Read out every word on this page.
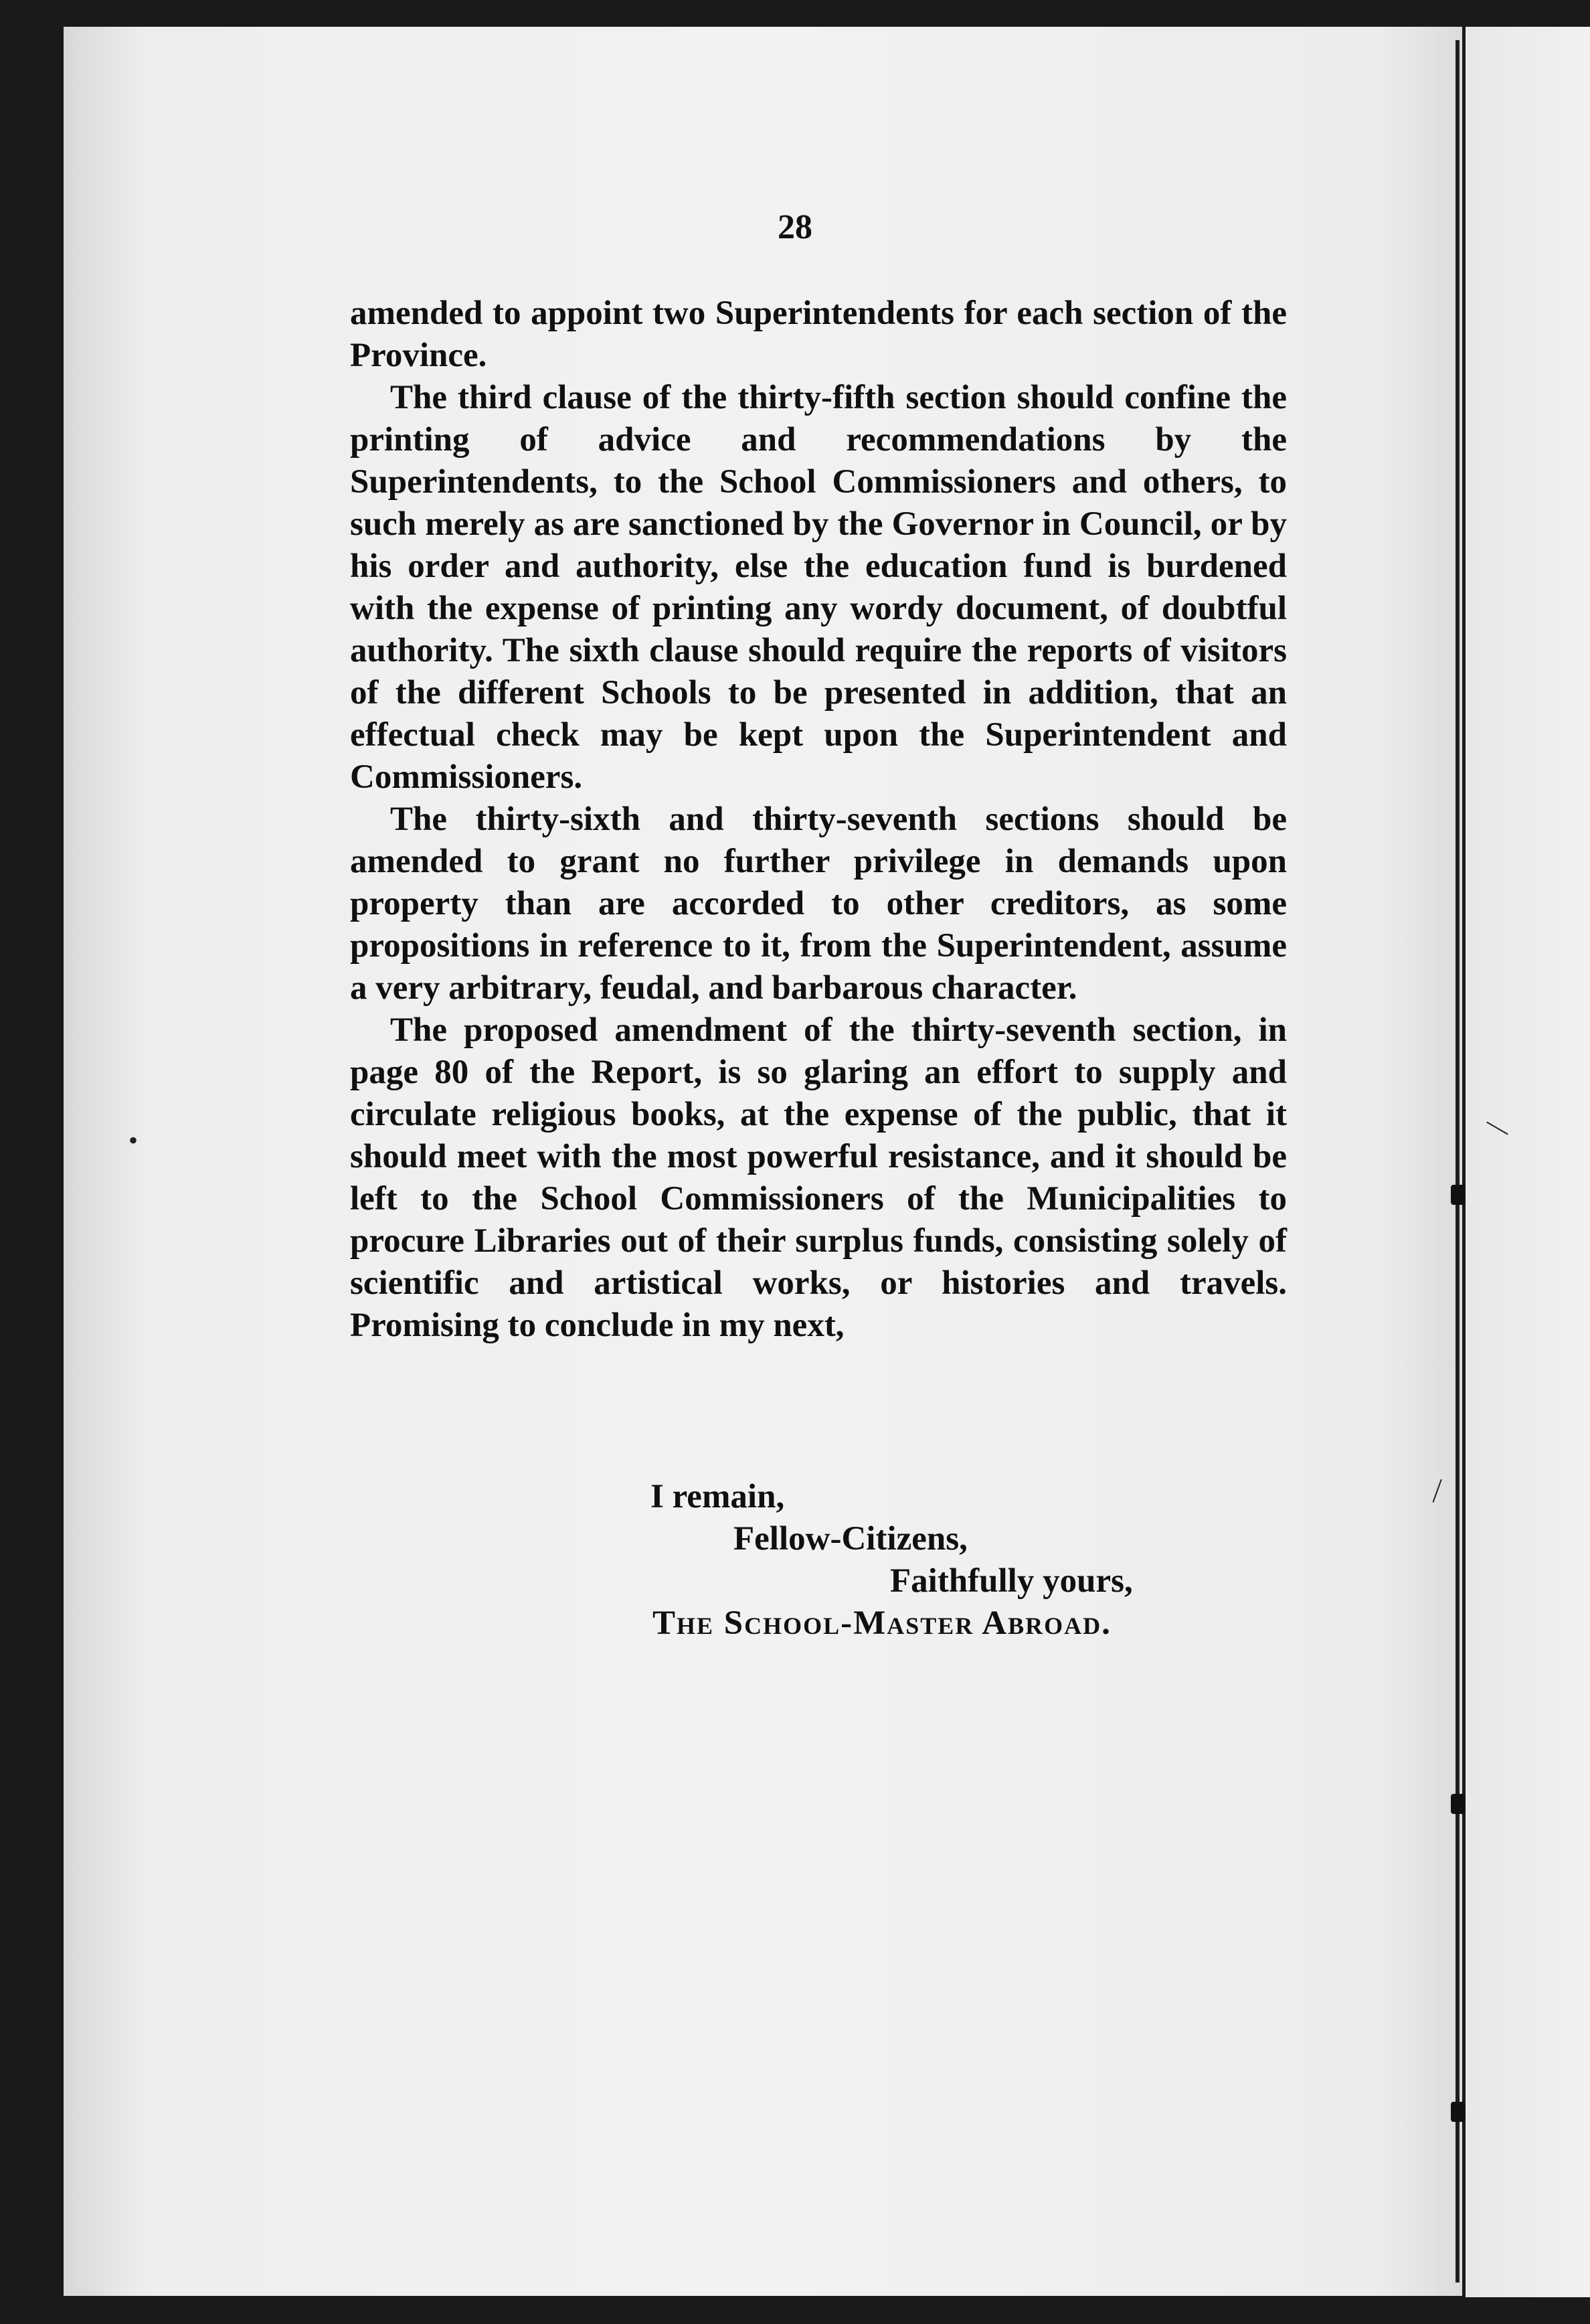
28

amended to appoint two Superintendents for each section of the Province.

The third clause of the thirty-fifth section should confine the printing of advice and recommendations by the Superintendents, to the School Commissioners and others, to such merely as are sanctioned by the Governor in Council, or by his order and authority, else the education fund is burdened with the expense of printing any wordy document, of doubtful authority. The sixth clause should require the reports of visitors of the different Schools to be presented in addition, that an effectual check may be kept upon the Superintendent and Commissioners.

The thirty-sixth and thirty-seventh sections should be amended to grant no further privilege in demands upon property than are accorded to other creditors, as some propositions in reference to it, from the Superintendent, assume a very arbitrary, feudal, and barbarous character.

The proposed amendment of the thirty-seventh section, in page 80 of the Report, is so glaring an effort to supply and circulate religious books, at the expense of the public, that it should meet with the most powerful resistance, and it should be left to the School Commissioners of the Municipalities to procure Libraries out of their surplus funds, consisting solely of scientific and artistical works, or histories and travels. Promising to conclude in my next,

I remain,
Fellow-Citizens,
Faithfully yours,
The School-Master Abroad.
•	|
|
